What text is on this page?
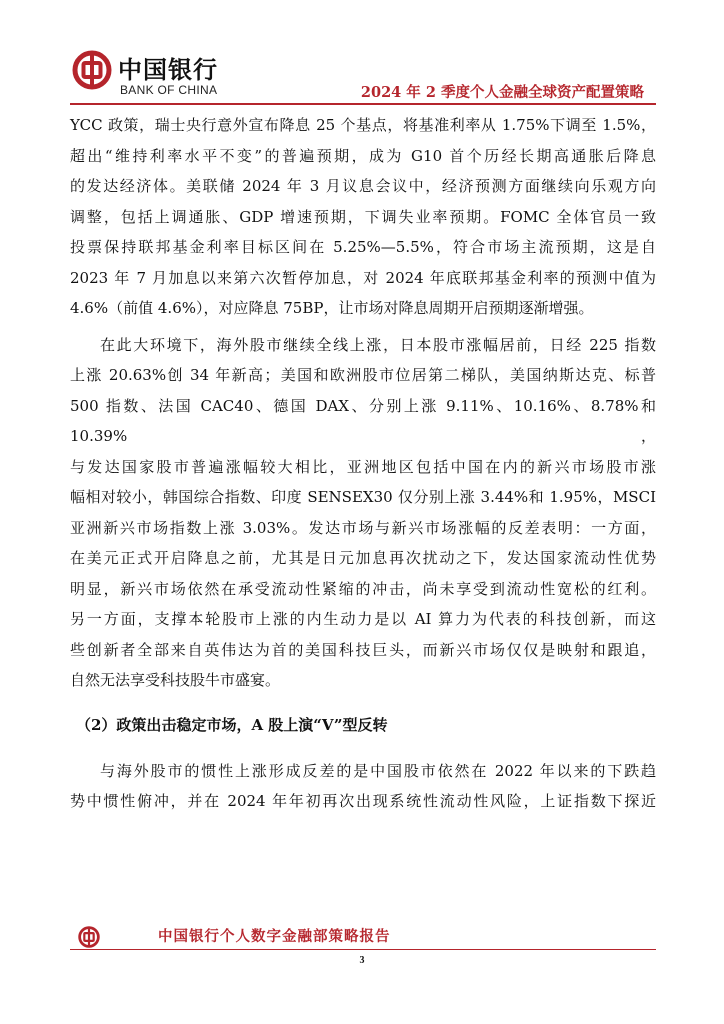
中国银行
BANK OF CHINA	2024 年 2 季度个人金融全球资产配置策略

YCC 政策，瑞士央行意外宣布降息 25 个基点，将基准利率从 1.75%下调至 1.5%，

超出“维持利率水平不变”的普遍预期，成为 G10 首个历经长期高通胀后降息

的发达经济体。美联储 2024 年 3 月议息会议中，经济预测方面继续向乐观方向

调整，包括上调通胀、GDP 增速预期，下调失业率预期。FOMC 全体官员一致

投票保持联邦基金利率目标区间在 5.25%—5.5%，符合市场主流预期，这是自

2023 年 7 月加息以来第六次暂停加息，对 2024 年底联邦基金利率的预测中值为

4.6%（前值 4.6%），对应降息 75BP，让市场对降息周期开启预期逐渐增强。

在此大环境下，海外股市继续全线上涨，日本股市涨幅居前，日经 225 指数

上涨 20.63%创 34 年新高；美国和欧洲股市位居第二梯队，美国纳斯达克、标普

500 指数、法国 CAC40、德国 DAX、分别上涨 9.11%、10.16%、8.78%和 10.39%，

与发达国家股市普遍涨幅较大相比，亚洲地区包括中国在内的新兴市场股市涨

幅相对较小，韩国综合指数、印度 SENSEX30 仅分别上涨 3.44%和 1.95%，MSCI

亚洲新兴市场指数上涨 3.03%。发达市场与新兴市场涨幅的反差表明：一方面，

在美元正式开启降息之前，尤其是日元加息再次扰动之下，发达国家流动性优势

明显，新兴市场依然在承受流动性紧缩的冲击，尚未享受到流动性宽松的红利。

另一方面，支撑本轮股市上涨的内生动力是以 AI 算力为代表的科技创新，而这

些创新者全部来自英伟达为首的美国科技巨头，而新兴市场仅仅是映射和跟追，

自然无法享受科技股牛市盛宴。

（2）政策出击稳定市场，A 股上演“V”型反转

与海外股市的惯性上涨形成反差的是中国股市依然在 2022 年以来的下跌趋

势中惯性俯冲，并在 2024 年年初再次出现系统性流动性风险，上证指数下探近

中国银行个人数字金融部策略报告
3
